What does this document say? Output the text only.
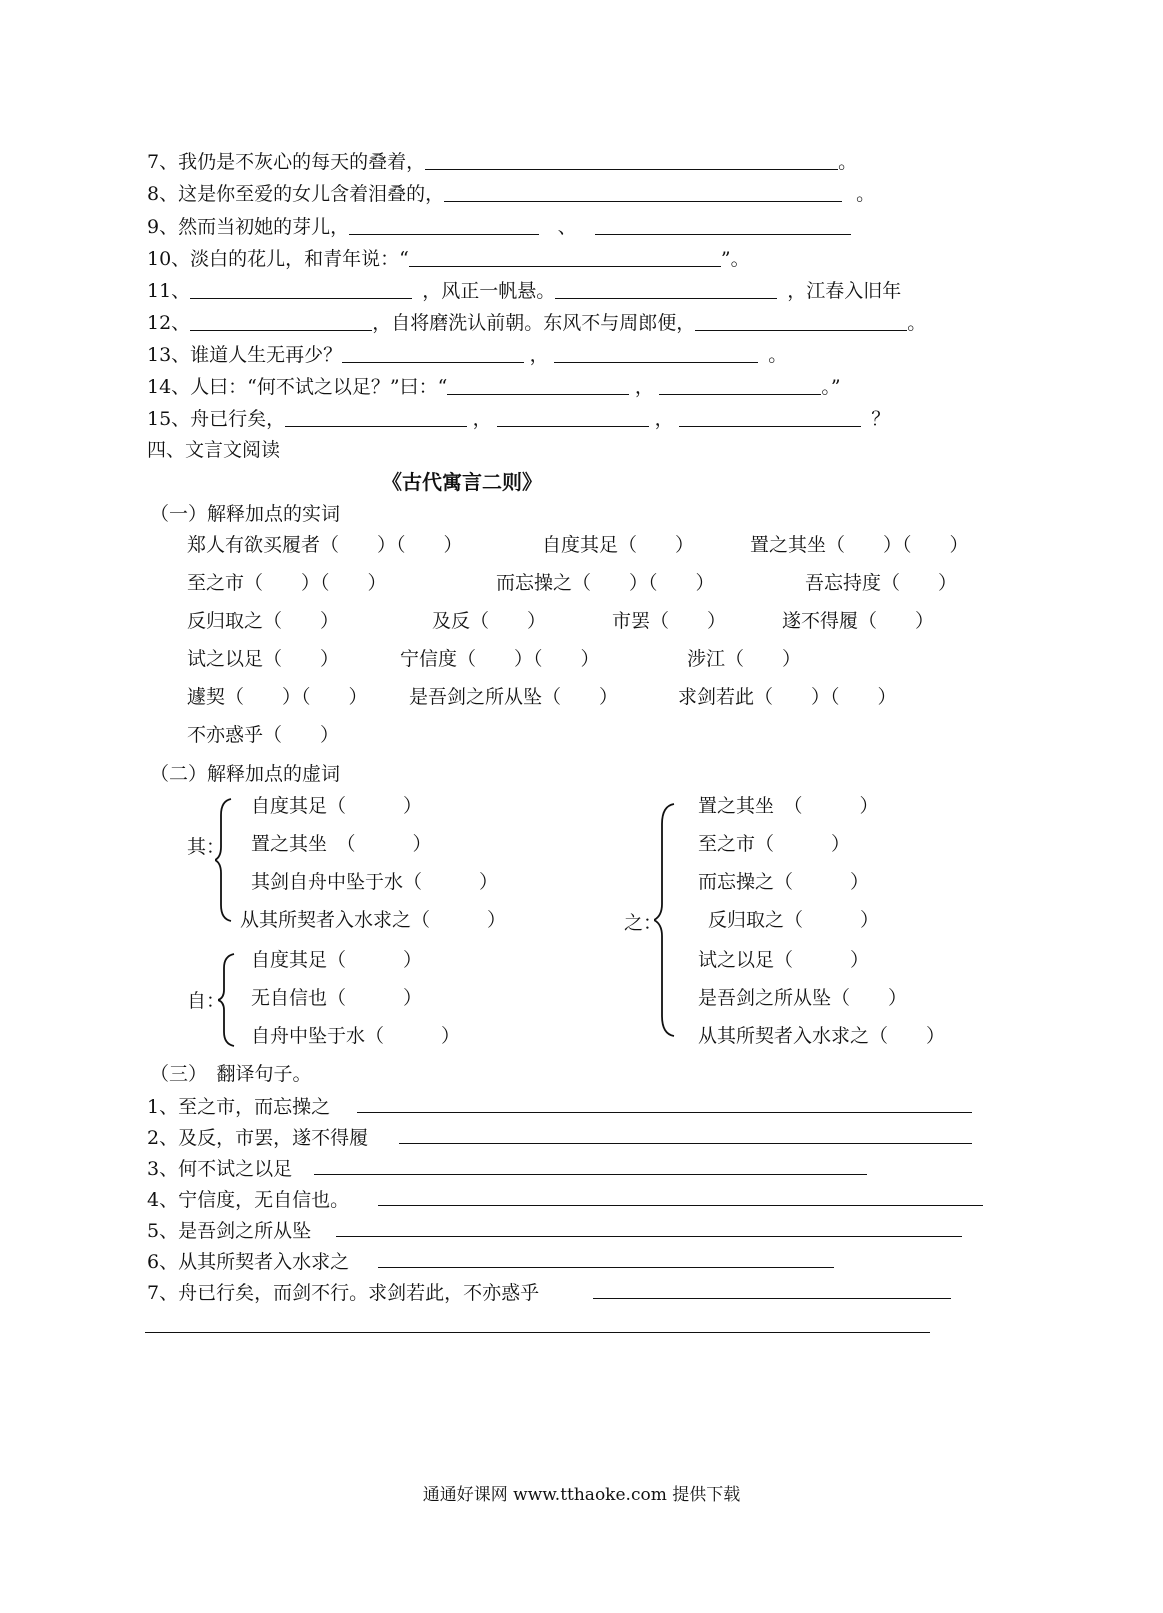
7、我仍是不灰心的每天的叠着，	。
8、这是你至爱的女儿含着泪叠的，	。
9、然而当初她的芽儿，	、
10、淡白的花儿，和青年说：“	”。
11、	，风正一帆悬。	，江春入旧年
12、	，自将磨洗认前朝。东风不与周郎便，	。
13、谁道人生无再少？	，	。
14、人曰：“何不试之以足？”曰：“	，	。”
15、舟已行矣，	，	，	？
四、文言文阅读
《古代寓言二则》
（一）解释加点的实词
郑人有欲买履者（　　）（　　）	自度其足（　　）	置之其坐（　　）（　　）
至之市（　　）（　　）	而忘操之（　　）（　　）	吾忘持度（　　）
反归取之（　　）	及反（　　）	市罢（　　）	遂不得履（　　）
试之以足（　　）	宁信度（　　）（　　）	涉江（　　）
遽契（　　）（　　） 是吾剑之所从坠（　　）	求剑若此（　　）（　　）
不亦惑乎（　　）
（二）解释加点的虚词
其：
自度其足（　　　）
置之其坐　（　　　）
其剑自舟中坠于水（　　　）
从其所契者入水求之（　　　）
自：
自度其足（　　　）
无自信也（　　　）
自舟中坠于水（　　　）
之：
置之其坐　（　　　）
至之市（　　　）
而忘操之（　　　）
反归取之（　　　）
试之以足（　　　）
是吾剑之所从坠（　　）
从其所契者入水求之（　　）
（三）　翻译句子。
1、至之市，而忘操之
2、及反，市罢，遂不得履
3、何不试之以足
4、宁信度，无自信也。
5、是吾剑之所从坠
6、从其所契者入水求之
7、舟已行矣，而剑不行。求剑若此，不亦惑乎
通通好课网 www.tthaoke.com 提供下载
